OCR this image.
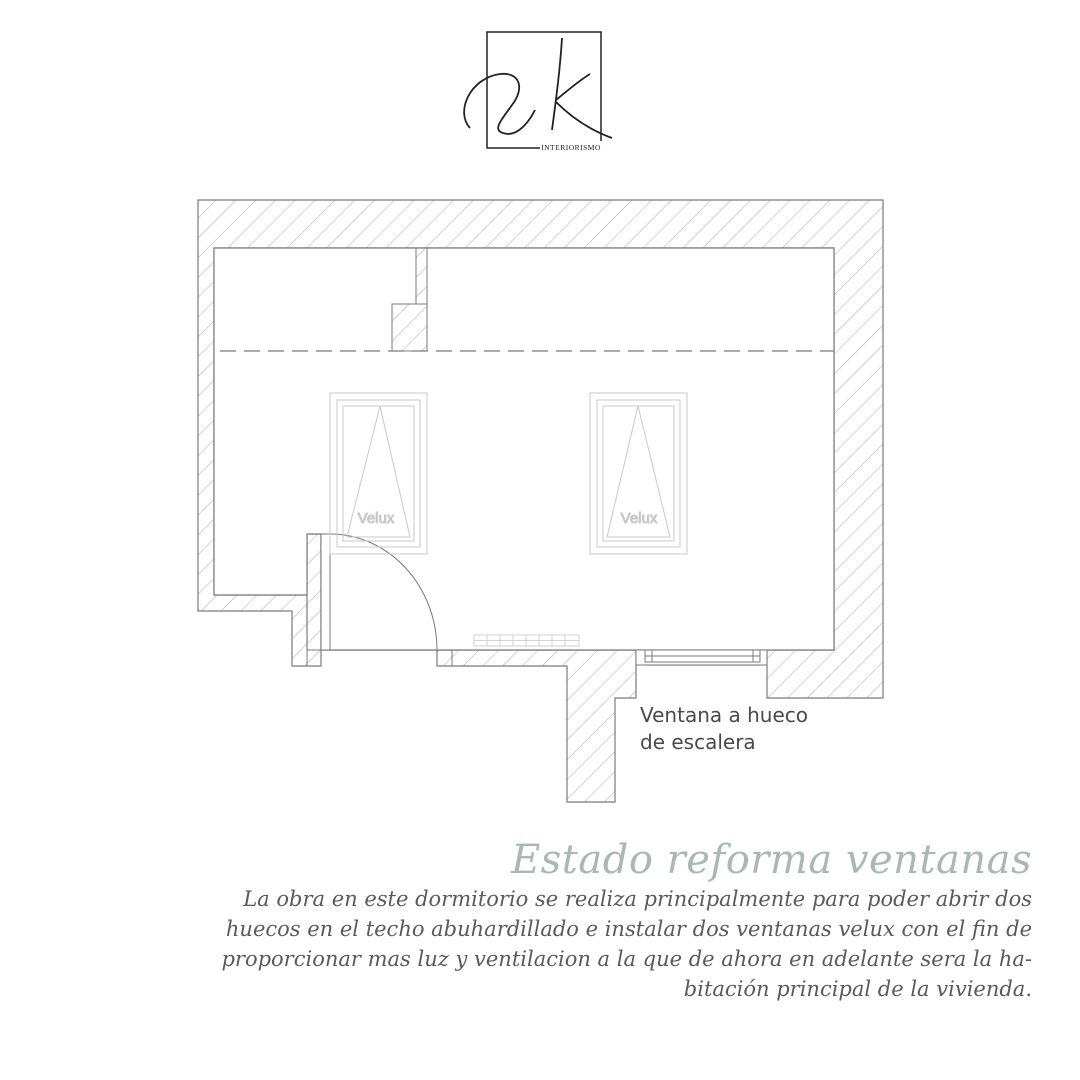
INTERIORISMO
Velux	Velux
Ventana a hueco
de escalera
Estado reforma ventanas
La obra en este dormitorio se realiza principalmente para poder abrir dos
huecos en el techo abuhardillado e instalar dos ventanas velux con el fin de
proporcionar mas luz y ventilacion a la que de ahora en adelante sera la ha-
bitación principal de la vivienda.
